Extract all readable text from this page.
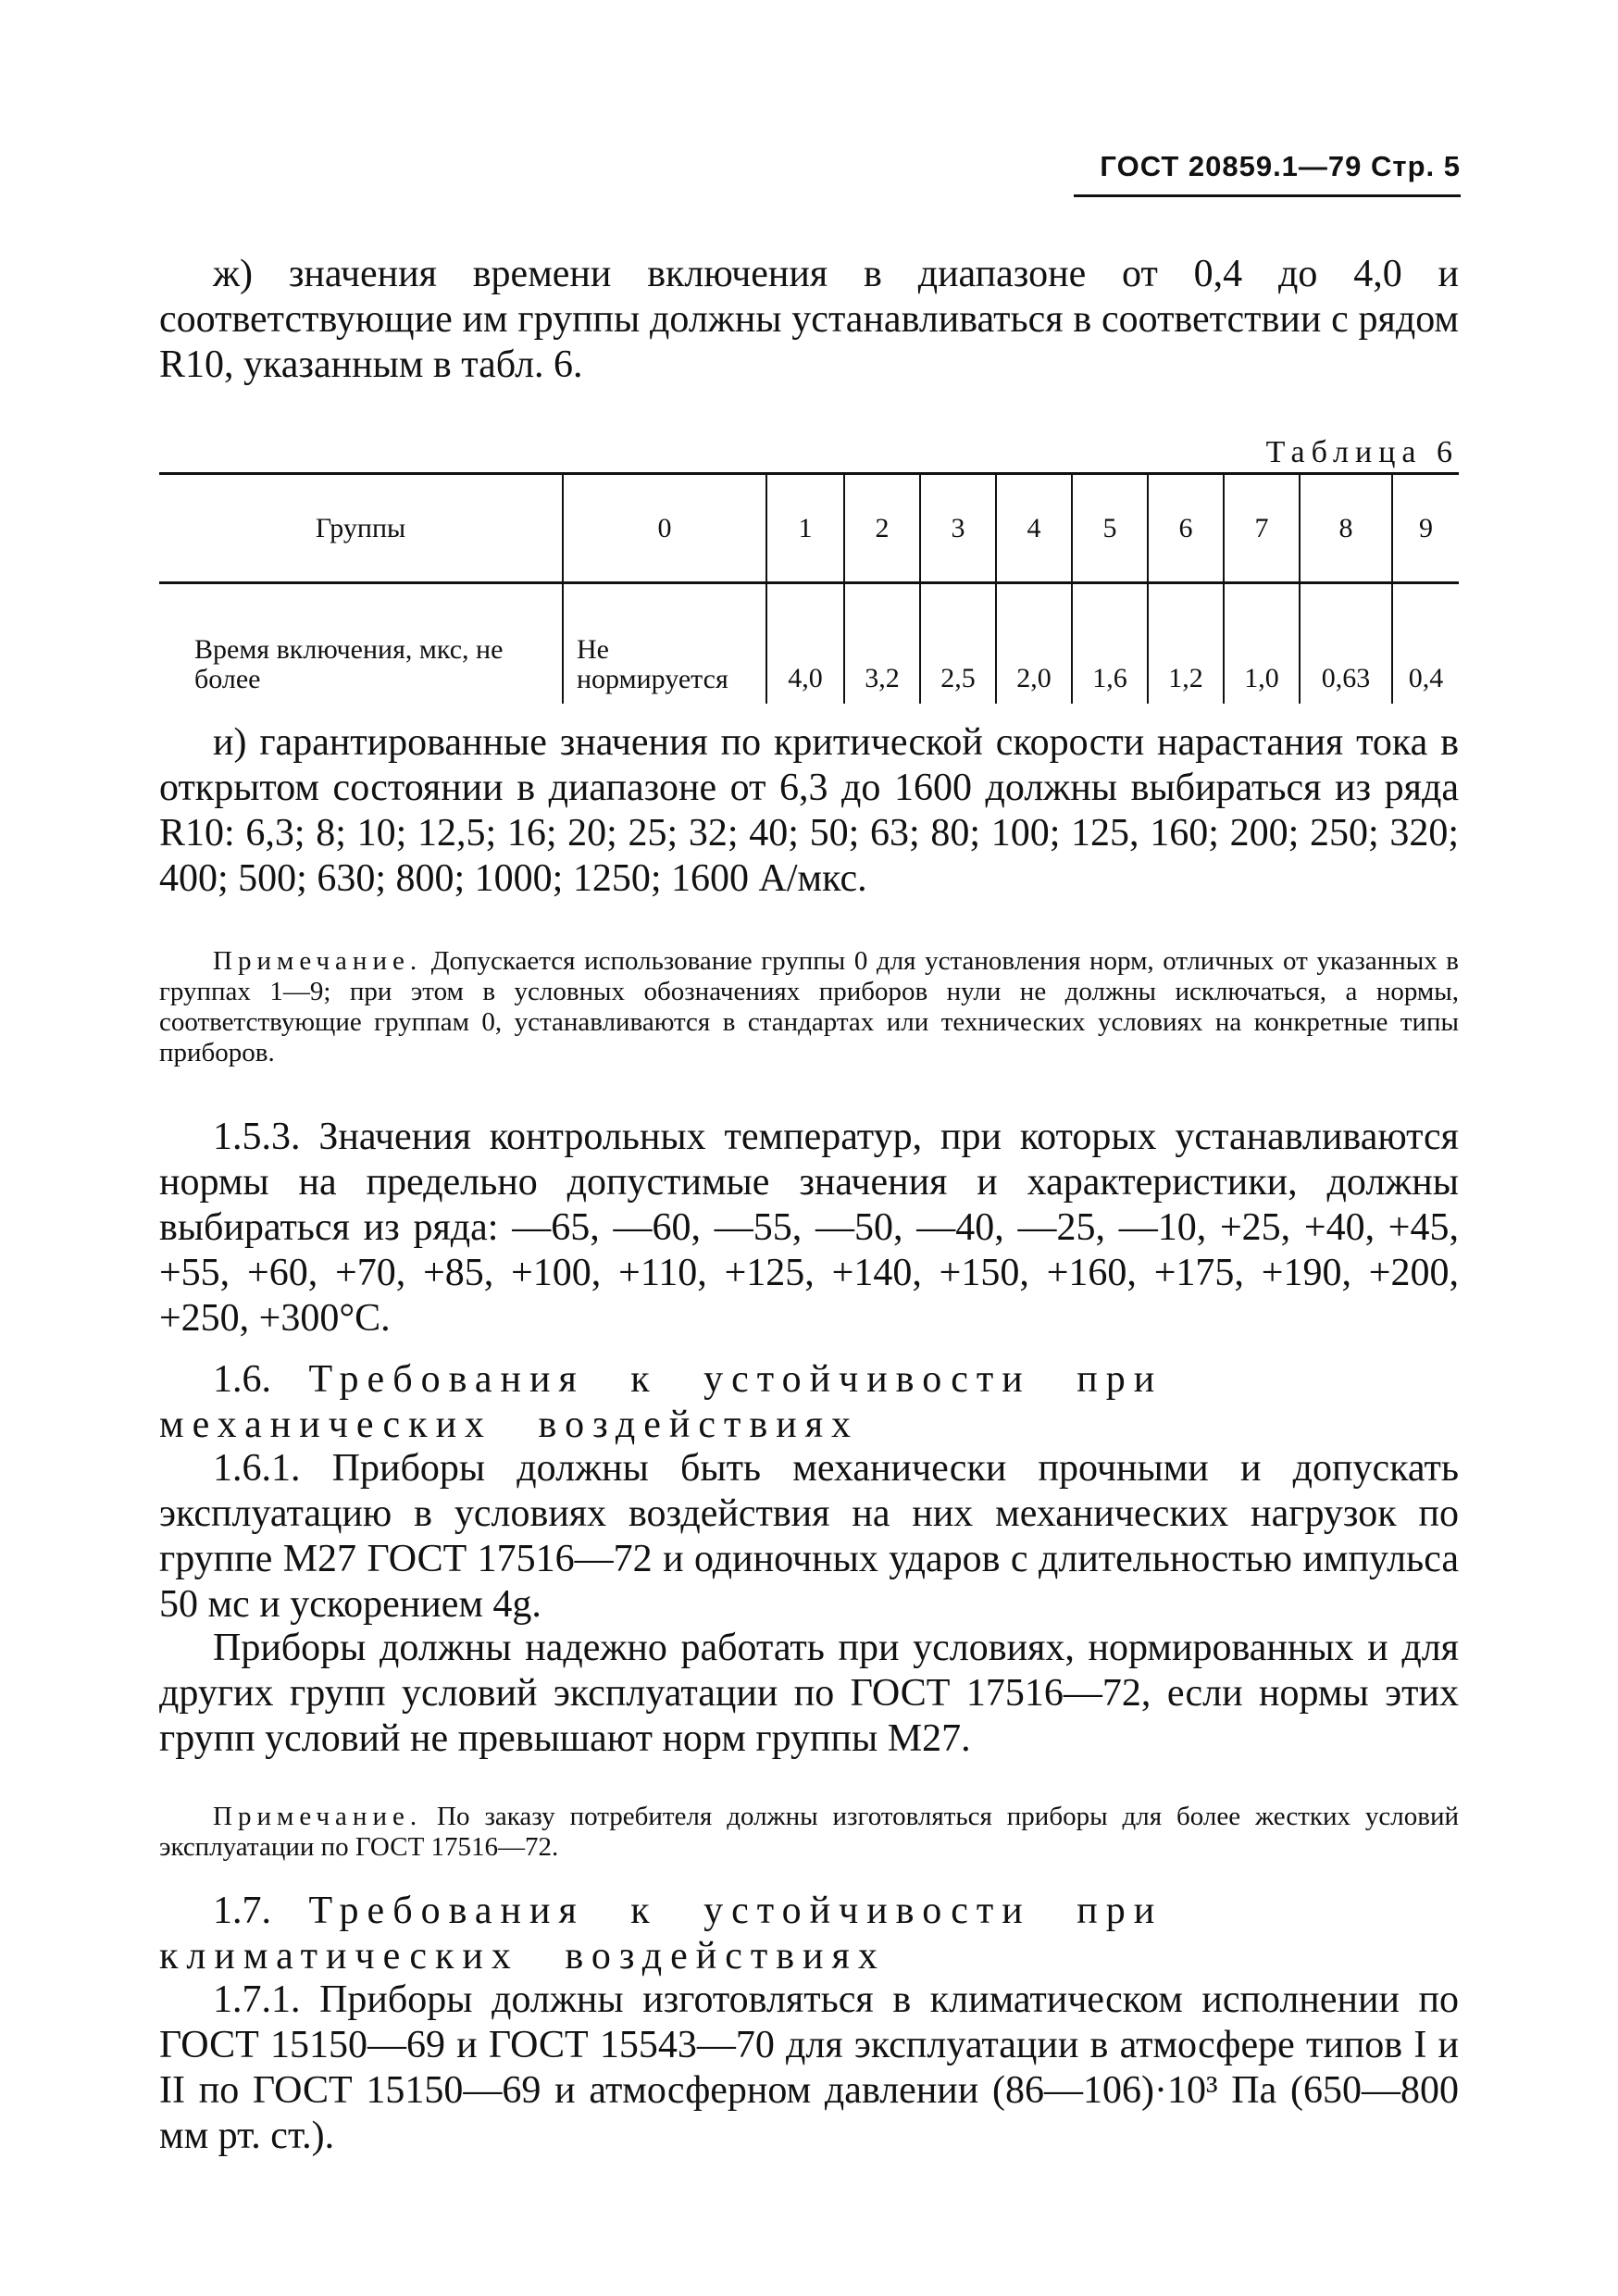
ГОСТ 20859.1—79 Стр. 5

ж) значения времени включения в диапазоне от 0,4 до 4,0 и соответствующие им группы должны устанавливаться в соответствии с рядом R10, указанным в табл. 6.

Таблица 6
Группы	0	1	2	3	4	5	6	7	8	9
Время включения, мкс, не более	Не нормируется	4,0	3,2	2,5	2,0	1,6	1,2	1,0	0,63	0,4

и) гарантированные значения по критической скорости нарастания тока в открытом состоянии в диапазоне от 6,3 до 1600 должны выбираться из ряда R10: 6,3; 8; 10; 12,5; 16; 20; 25; 32; 40; 50; 63; 80; 100; 125, 160; 200; 250; 320; 400; 500; 630; 800; 1000; 1250; 1600 А/мкс.

Примечание. Допускается использование группы 0 для установления норм, отличных от указанных в группах 1—9; при этом в условных обозначениях приборов нули не должны исключаться, а нормы, соответствующие группам 0, устанавливаются в стандартах или технических условиях на конкретные типы приборов.

1.5.3. Значения контрольных температур, при которых устанавливаются нормы на предельно допустимые значения и характеристики, должны выбираться из ряда: —65, —60, —55, —50, —40, —25, —10, +25, +40, +45, +55, +60, +70, +85, +100, +110, +125, +140, +150, +160, +175, +190, +200, +250, +300°C.

1.6. Требования к устойчивости при механических воздействиях

1.6.1. Приборы должны быть механически прочными и допускать эксплуатацию в условиях воздействия на них механических нагрузок по группе М27 ГОСТ 17516—72 и одиночных ударов с длительностью импульса 50 мс и ускорением 4g.

Приборы должны надежно работать при условиях, нормированных и для других групп условий эксплуатации по ГОСТ 17516—72, если нормы этих групп условий не превышают норм группы М27.

Примечание. По заказу потребителя должны изготовляться приборы для более жестких условий эксплуатации по ГОСТ 17516—72.

1.7. Требования к устойчивости при климатических воздействиях

1.7.1. Приборы должны изготовляться в климатическом исполнении по ГОСТ 15150—69 и ГОСТ 15543—70 для эксплуатации в атмосфере типов I и II по ГОСТ 15150—69 и атмосферном давлении (86—106)·10³ Па (650—800 мм рт. ст.).
